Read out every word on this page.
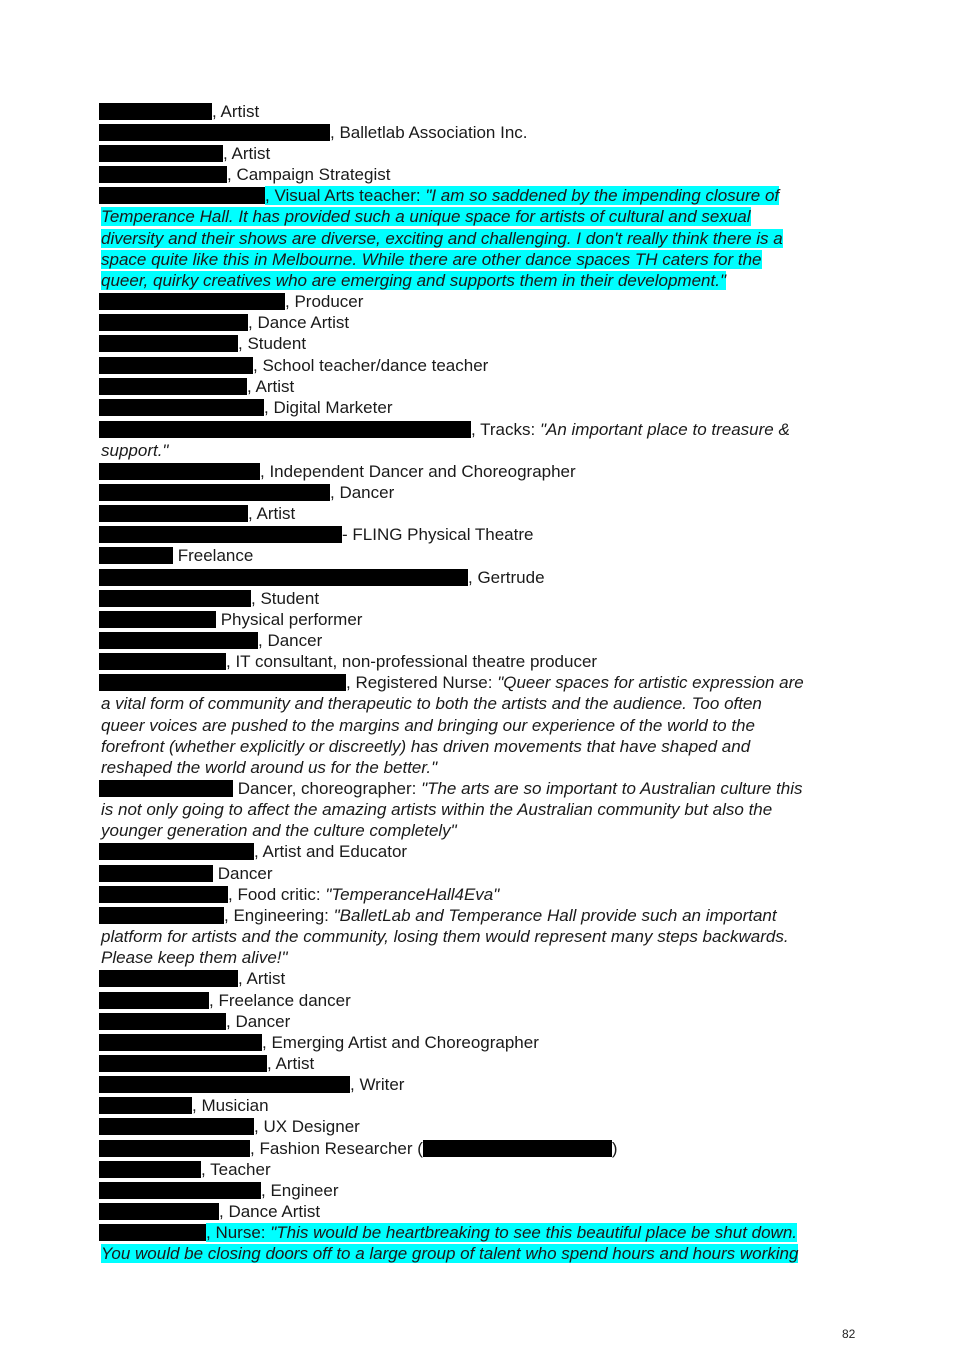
, Artist
, Balletlab Association Inc.
, Artist
, Campaign Strategist
, Visual Arts teacher: "I am so saddened by the impending closure of
Temperance Hall. It has provided such a unique space for artists of cultural and sexual
diversity and their shows are diverse, exciting and challenging. I don't really think there is a
space quite like this in Melbourne. While there are other dance spaces TH caters for the
queer, quirky creatives who are emerging and supports them in their development."
, Producer
, Dance Artist
, Student
, School teacher/dance teacher
, Artist
, Digital Marketer
, Tracks: "An important place to treasure &
support."
, Independent Dancer and Choreographer
, Dancer
, Artist
- FLING Physical Theatre
Freelance
, Gertrude
, Student
Physical performer
, Dancer
, IT consultant, non-professional theatre producer
, Registered Nurse: "Queer spaces for artistic expression are
a vital form of community and therapeutic to both the artists and the audience. Too often
queer voices are pushed to the margins and bringing our experience of the world to the
forefront (whether explicitly or discreetly) has driven movements that have shaped and
reshaped the world around us for the better."
Dancer, choreographer: "The arts are so important to Australian culture this
is not only going to affect the amazing artists within the Australian community but also the
younger generation and the culture completely"
, Artist and Educator
Dancer
, Food critic: "TemperanceHall4Eva"
, Engineering: "BalletLab and Temperance Hall provide such an important
platform for artists and the community, losing them would represent many steps backwards.
Please keep them alive!"
, Artist
, Freelance dancer
, Dancer
, Emerging Artist and Choreographer
, Artist
, Writer
, Musician
, UX Designer
, Fashion Researcher (	)
, Teacher
, Engineer
, Dance Artist
, Nurse: "This would be heartbreaking to see this beautiful place be shut down.
You would be closing doors off to a large group of talent who spend hours and hours working
82
